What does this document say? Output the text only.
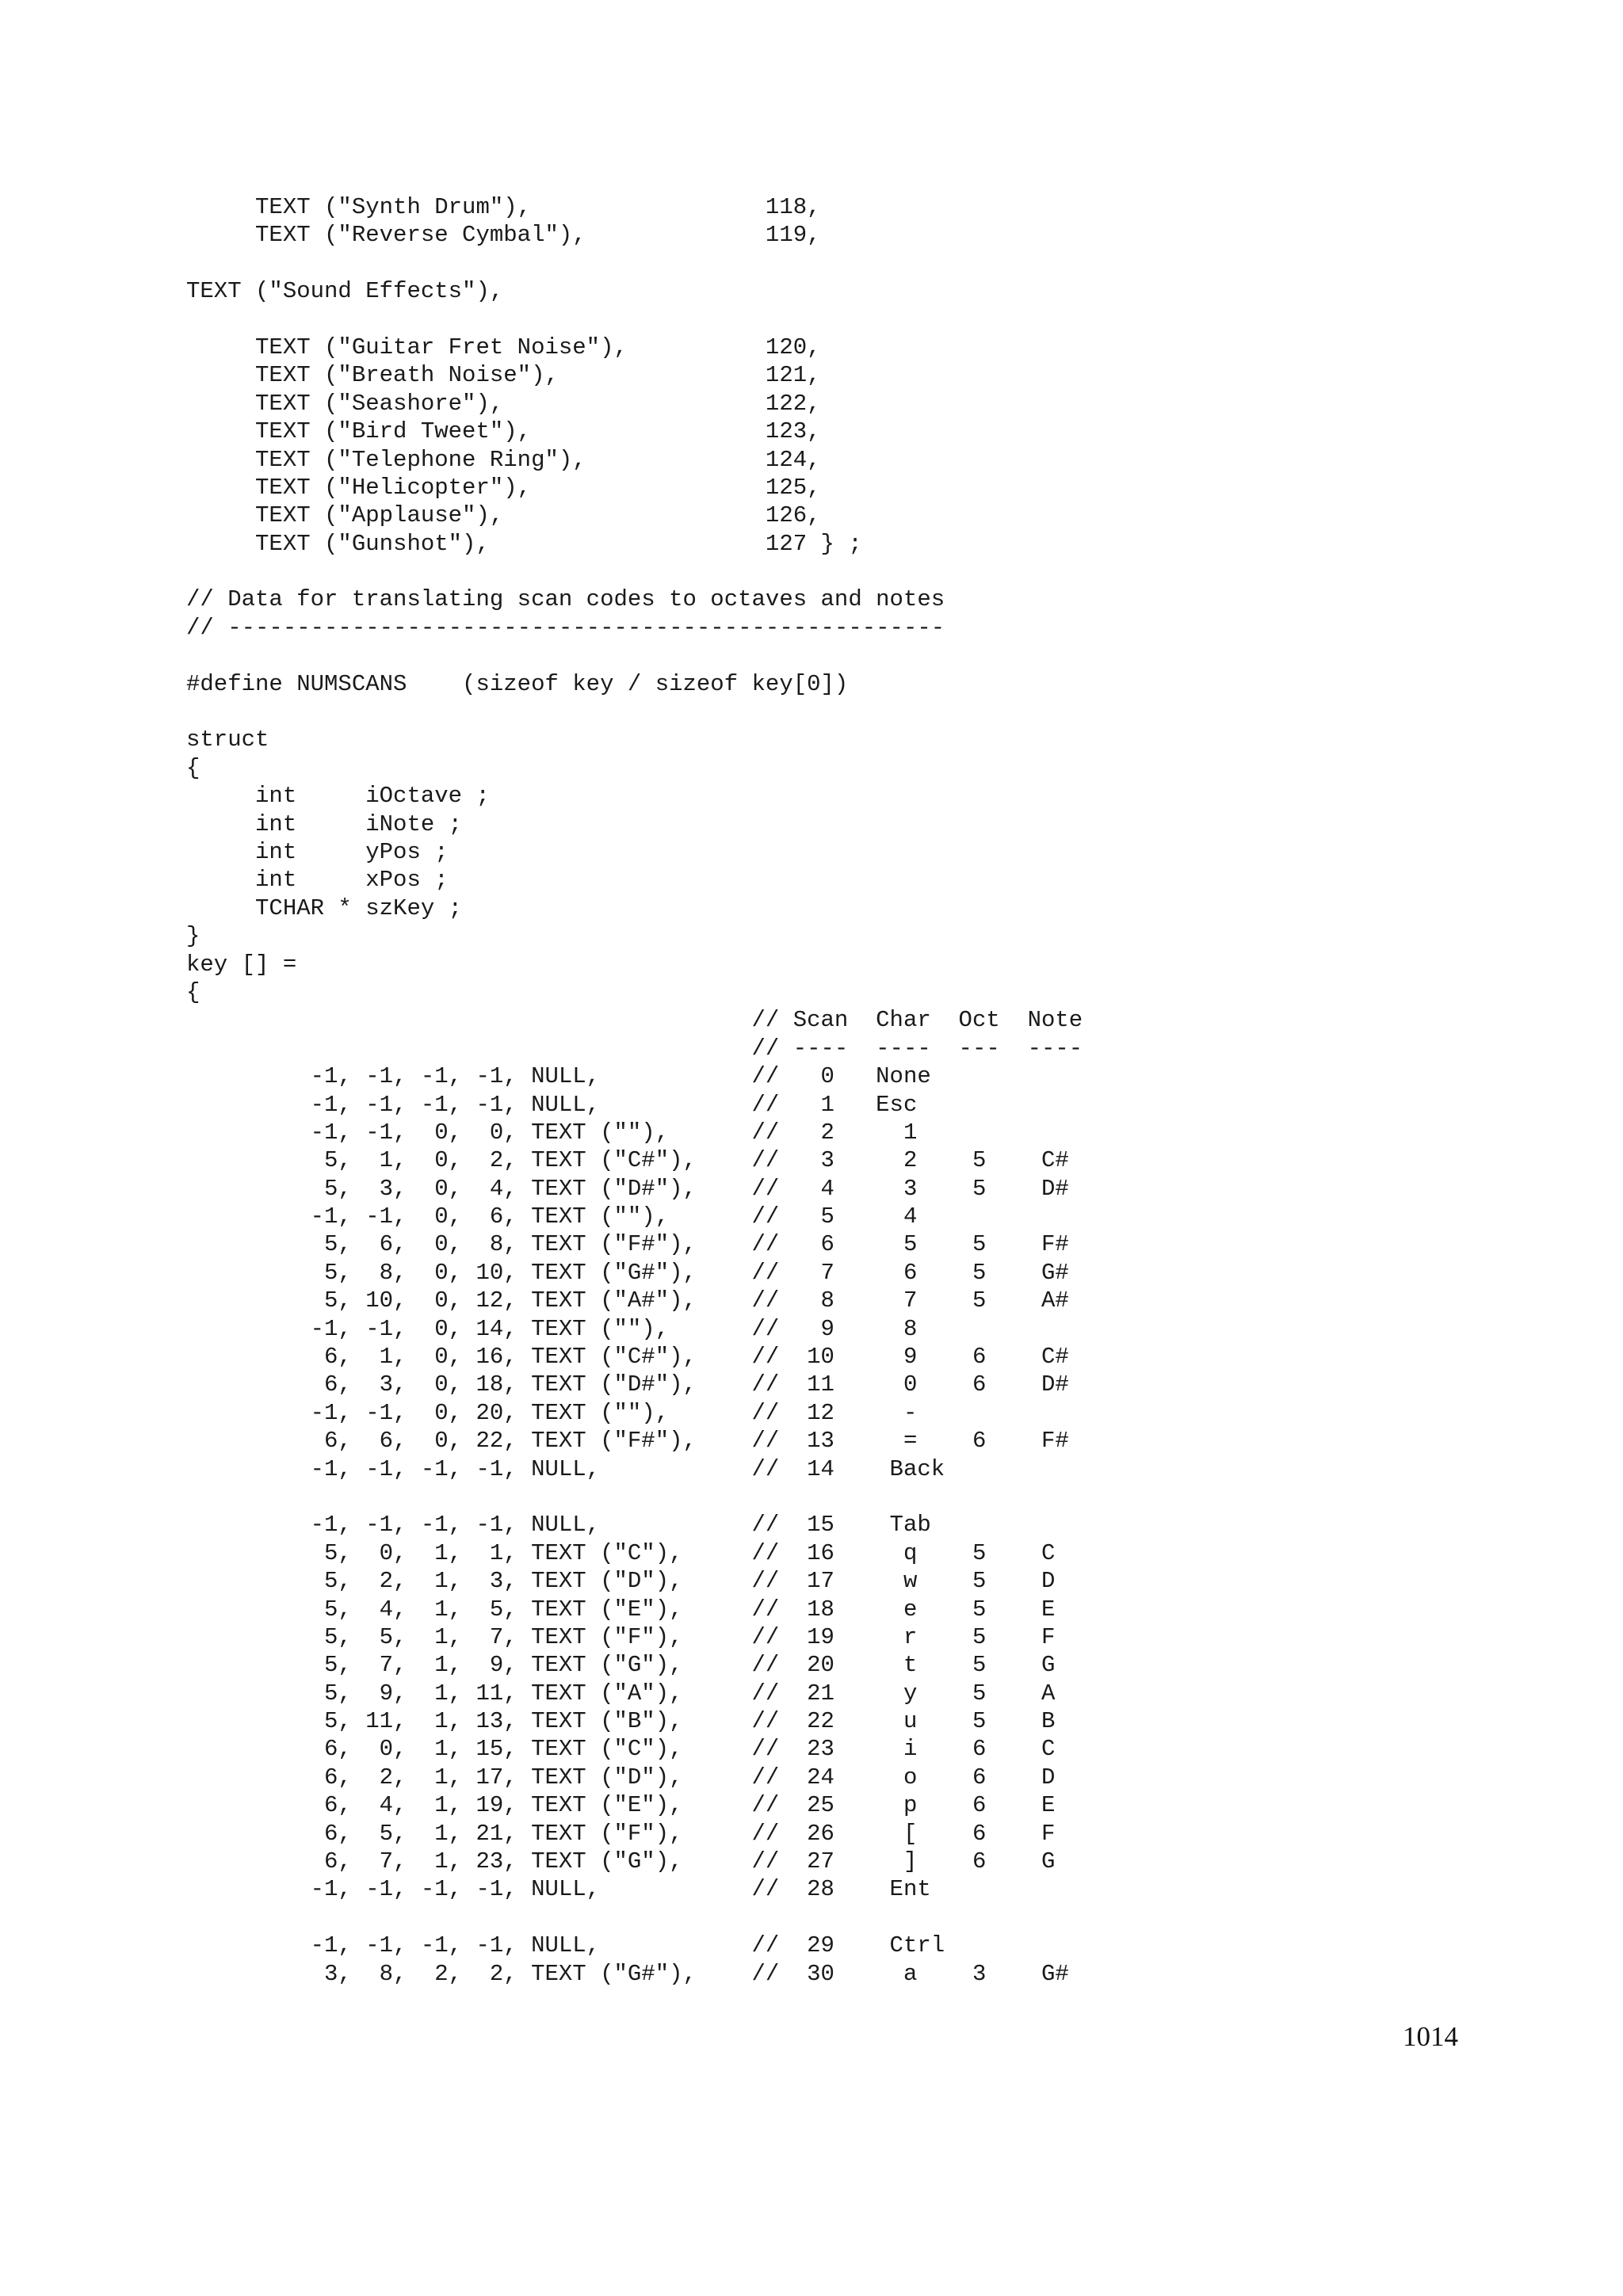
TEXT ("Synth Drum"),                 118,
TEXT ("Reverse Cymbal"),             119,
TEXT ("Sound Effects"),
TEXT ("Guitar Fret Noise"),          120,
TEXT ("Breath Noise"),               121,
TEXT ("Seashore"),                   122,
TEXT ("Bird Tweet"),                 123,
TEXT ("Telephone Ring"),             124,
TEXT ("Helicopter"),                 125,
TEXT ("Applause"),                   126,
TEXT ("Gunshot"),                    127 } ;
// Data for translating scan codes to octaves and notes
// ----------------------------------------------------
#define NUMSCANS    (sizeof key / sizeof key[0])
struct
{
int     iOctave ;
int     iNote ;
int     yPos ;
int     xPos ;
TCHAR * szKey ;
}
key [] =
{
// Scan  Char  Oct  Note
// ----  ----  ---  ----
-1, -1, -1, -1, NULL,           //   0   None
-1, -1, -1, -1, NULL,           //   1   Esc
-1, -1,  0,  0, TEXT (""),      //   2     1
5,  1,  0,  2, TEXT ("C#"),    //   3     2    5    C#
5,  3,  0,  4, TEXT ("D#"),    //   4     3    5    D#
-1, -1,  0,  6, TEXT (""),      //   5     4
5,  6,  0,  8, TEXT ("F#"),    //   6     5    5    F#
5,  8,  0, 10, TEXT ("G#"),    //   7     6    5    G#
5, 10,  0, 12, TEXT ("A#"),    //   8     7    5    A#
-1, -1,  0, 14, TEXT (""),      //   9     8
6,  1,  0, 16, TEXT ("C#"),    //  10     9    6    C#
6,  3,  0, 18, TEXT ("D#"),    //  11     0    6    D#
-1, -1,  0, 20, TEXT (""),      //  12     -
6,  6,  0, 22, TEXT ("F#"),    //  13     =    6    F#
-1, -1, -1, -1, NULL,           //  14    Back
-1, -1, -1, -1, NULL,           //  15    Tab
5,  0,  1,  1, TEXT ("C"),     //  16     q    5    C
5,  2,  1,  3, TEXT ("D"),     //  17     w    5    D
5,  4,  1,  5, TEXT ("E"),     //  18     e    5    E
5,  5,  1,  7, TEXT ("F"),     //  19     r    5    F
5,  7,  1,  9, TEXT ("G"),     //  20     t    5    G
5,  9,  1, 11, TEXT ("A"),     //  21     y    5    A
5, 11,  1, 13, TEXT ("B"),     //  22     u    5    B
6,  0,  1, 15, TEXT ("C"),     //  23     i    6    C
6,  2,  1, 17, TEXT ("D"),     //  24     o    6    D
6,  4,  1, 19, TEXT ("E"),     //  25     p    6    E
6,  5,  1, 21, TEXT ("F"),     //  26     [    6    F
6,  7,  1, 23, TEXT ("G"),     //  27     ]    6    G
-1, -1, -1, -1, NULL,           //  28    Ent
-1, -1, -1, -1, NULL,           //  29    Ctrl
3,  8,  2,  2, TEXT ("G#"),    //  30     a    3    G#
1014
